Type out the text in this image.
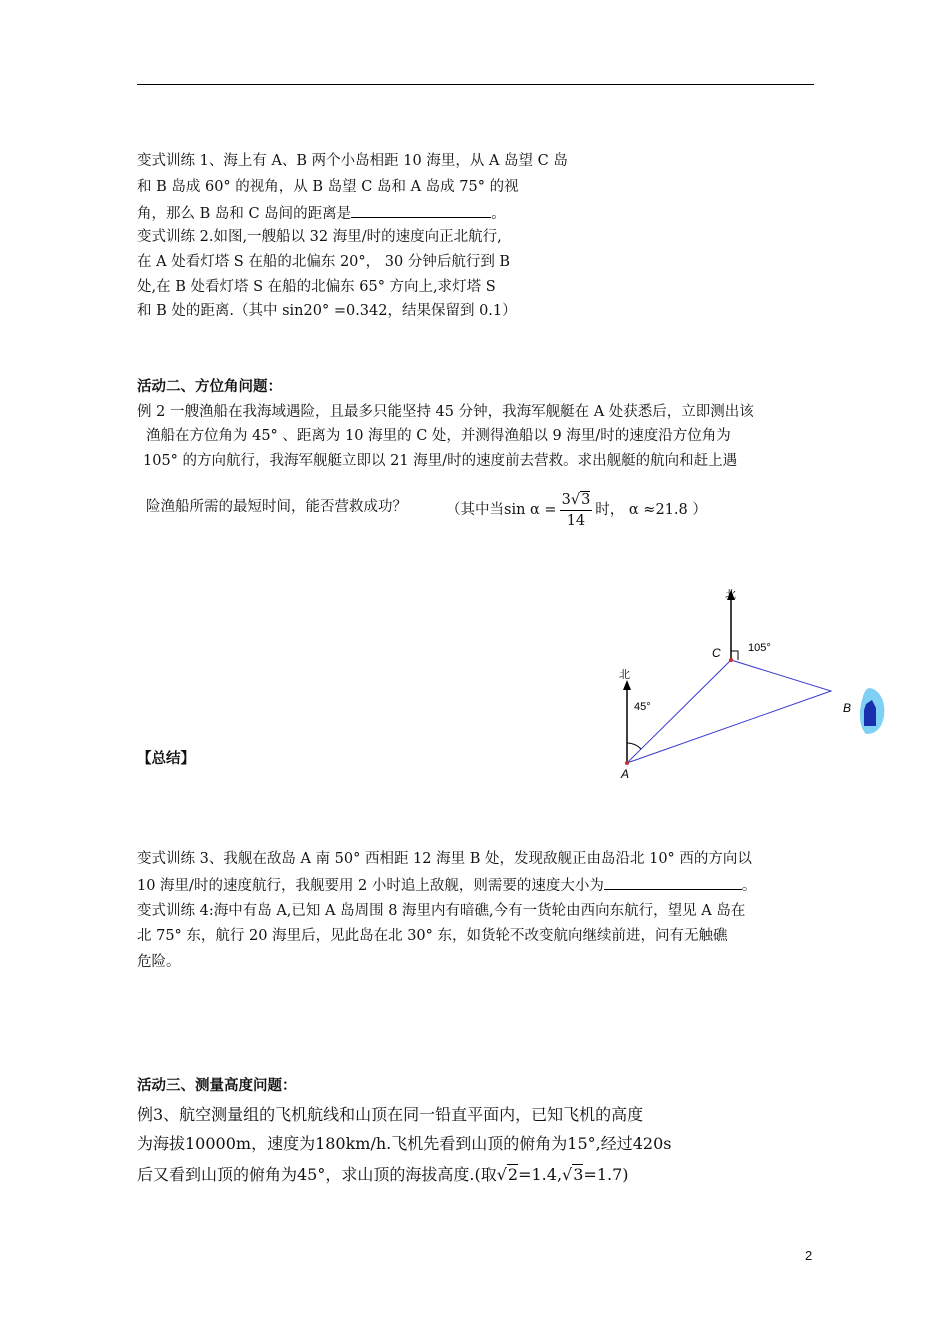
变式训练 1、海上有 A、B 两个小岛相距 10 海里，从 A 岛望 C 岛
和 B 岛成 60° 的视角，从 B 岛望 C 岛和 A 岛成 75° 的视
角，那么 B 岛和 C 岛间的距离是	。
变式训练 2.如图,一艘船以 32 海里/时的速度向正北航行,
在 A 处看灯塔 S 在船的北偏东 20°， 30 分钟后航行到 B
处,在 B 处看灯塔 S 在船的北偏东 65° 方向上,求灯塔 S
和 B 处的距离.（其中 sin20° =0.342，结果保留到 0.1）
活动二、方位角问题：
例 2 一艘渔船在我海域遇险，且最多只能坚持 45 分钟，我海军舰艇在 A 处获悉后，立即测出该
渔船在方位角为 45° 、距离为 10 海里的 C 处，并测得渔船以 9 海里/时的速度沿方位角为
105° 的方向航行，我海军舰艇立即以 21 海里/时的速度前去营救。求出舰艇的航向和赶上遇
险渔船所需的最短时间，能否营救成功？	（其中当$\sin \alpha = \frac{3√3}{14}$ 时， α ≈21.8 ）
北
北
105°
45°
A
C
B
【总结】
变式训练 3、我舰在敌岛 A 南 50° 西相距 12 海里 B 处，发现敌舰正由岛沿北 10° 西的方向以
10 海里/时的速度航行，我舰要用 2 小时追上敌舰，则需要的速度大小为	。
变式训练 4:海中有岛 A,已知 A 岛周围 8 海里内有暗礁,今有一货轮由西向东航行，望见 A 岛在
北 75° 东，航行 20 海里后，见此岛在北 30° 东，如货轮不改变航向继续前进，问有无触礁
危险。
活动三、测量高度问题：
例3、航空测量组的飞机航线和山顶在同一铅直平面内，已知飞机的高度
为海拔10000m，速度为180km/h.飞机先看到山顶的俯角为15°,经过420s
后又看到山顶的俯角为45°，求山顶的海拔高度.(取√2=1.4,√3=1.7)
2
